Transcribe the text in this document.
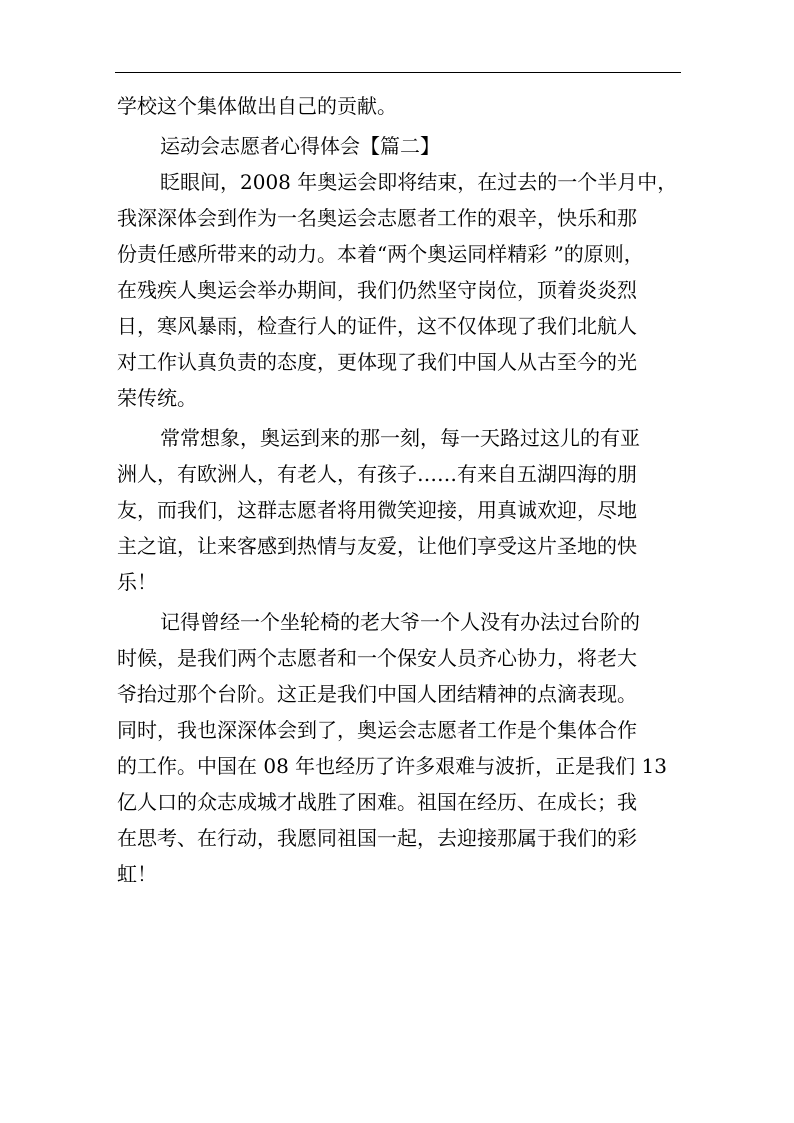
学校这个集体做出自己的贡献。
运动会志愿者心得体会【篇二】
眨眼间，2008 年奥运会即将结束，在过去的一个半月中，
我深深体会到作为一名奥运会志愿者工作的艰辛，快乐和那
份责任感所带来的动力。本着“两个奥运同样精彩 ”的原则，
在残疾人奥运会举办期间，我们仍然坚守岗位，顶着炎炎烈
日，寒风暴雨，检查行人的证件，这不仅体现了我们北航人
对工作认真负责的态度，更体现了我们中国人从古至今的光
荣传统。
常常想象，奥运到来的那一刻，每一天路过这儿的有亚
洲人，有欧洲人，有老人，有孩子……有来自五湖四海的朋
友，而我们，这群志愿者将用微笑迎接，用真诚欢迎，尽地
主之谊，让来客感到热情与友爱，让他们享受这片圣地的快
乐！
记得曾经一个坐轮椅的老大爷一个人没有办法过台阶的
时候，是我们两个志愿者和一个保安人员齐心协力，将老大
爷抬过那个台阶。这正是我们中国人团结精神的点滴表现。
同时，我也深深体会到了，奥运会志愿者工作是个集体合作
的工作。中国在 08 年也经历了许多艰难与波折，正是我们 13
亿人口的众志成城才战胜了困难。祖国在经历、在成长；我
在思考、在行动，我愿同祖国一起，去迎接那属于我们的彩
虹！
